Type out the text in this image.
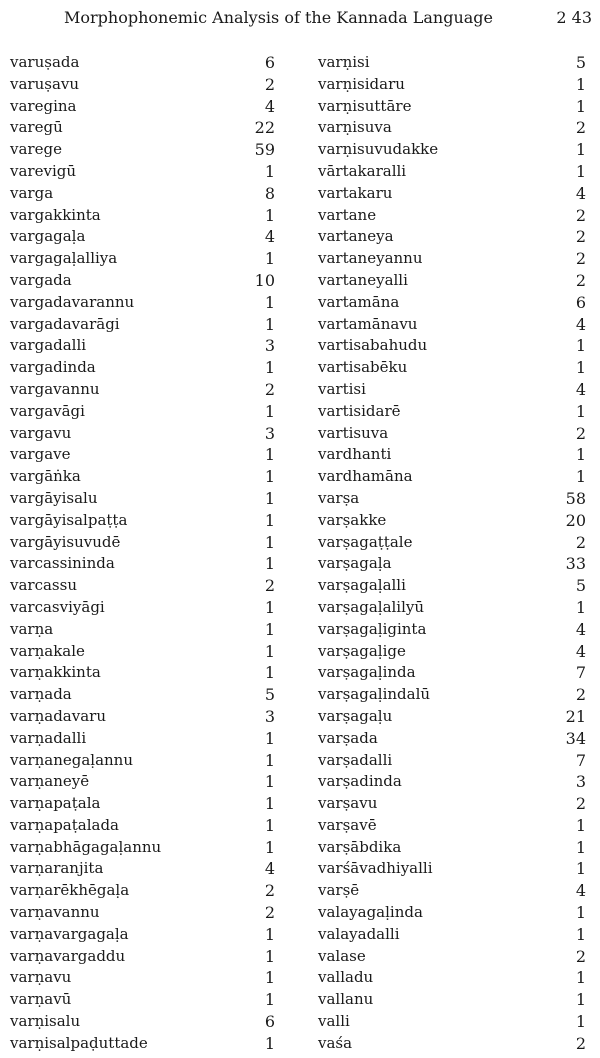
Morphophonemic Analysis of the Kannada Language	2 43
varuṣada	6
varuṣavu	2
varegina	4
varegū	22
varege	59
varevigū	1
varga	8
vargakkinta	1
vargagaḷa	4
vargagaḷalliya	1
vargada	10
vargadavarannu	1
vargadavarāgi	1
vargadalli	3
vargadinda	1
vargavannu	2
vargavāgi	1
vargavu	3
vargave	1
vargāṅka	1
vargāyisalu	1
vargāyisalpaṭṭa	1
vargāyisuvudē	1
varcassininda	1
varcassu	2
varcasviyāgi	1
varṇa	1
varṇakale	1
varṇakkinta	1
varṇada	5
varṇadavaru	3
varṇadalli	1
varṇanegaḷannu	1
varṇaneyē	1
varṇapaṭala	1
varṇapaṭalada	1
varṇabhāgagaḷannu	1
varṇaranjita	4
varṇarēkhēgaḷa	2
varṇavannu	2
varṇavargagaḷa	1
varṇavargaddu	1
varṇavu	1
varṇavū	1
varṇisalu	6
varṇisalpaḍuttade	1
varṇisi	5
varṇisidaru	1
varṇisuttāre	1
varṇisuva	2
varṇisuvudakke	1
vārtakaralli	1
vartakaru	4
vartane	2
vartaneya	2
vartaneyannu	2
vartaneyalli	2
vartamāna	6
vartamānavu	4
vartisabahudu	1
vartisabēku	1
vartisi	4
vartisidarē	1
vartisuva	2
vardhanti	1
vardhamāna	1
varṣa	58
varṣakke	20
varṣagaṭṭale	2
varṣagaḷa	33
varṣagaḷalli	5
varṣagaḷalilyū	1
varṣagaḷiginta	4
varṣagaḷige	4
varṣagaḷinda	7
varṣagaḷindalū	2
varṣagaḷu	21
varṣada	34
varṣadalli	7
varṣadinda	3
varṣavu	2
varṣavē	1
varṣābdika	1
varśāvadhiyalli	1
varṣē	4
valayagaḷinda	1
valayadalli	1
valase	2
valladu	1
vallanu	1
valli	1
vaśa	2
